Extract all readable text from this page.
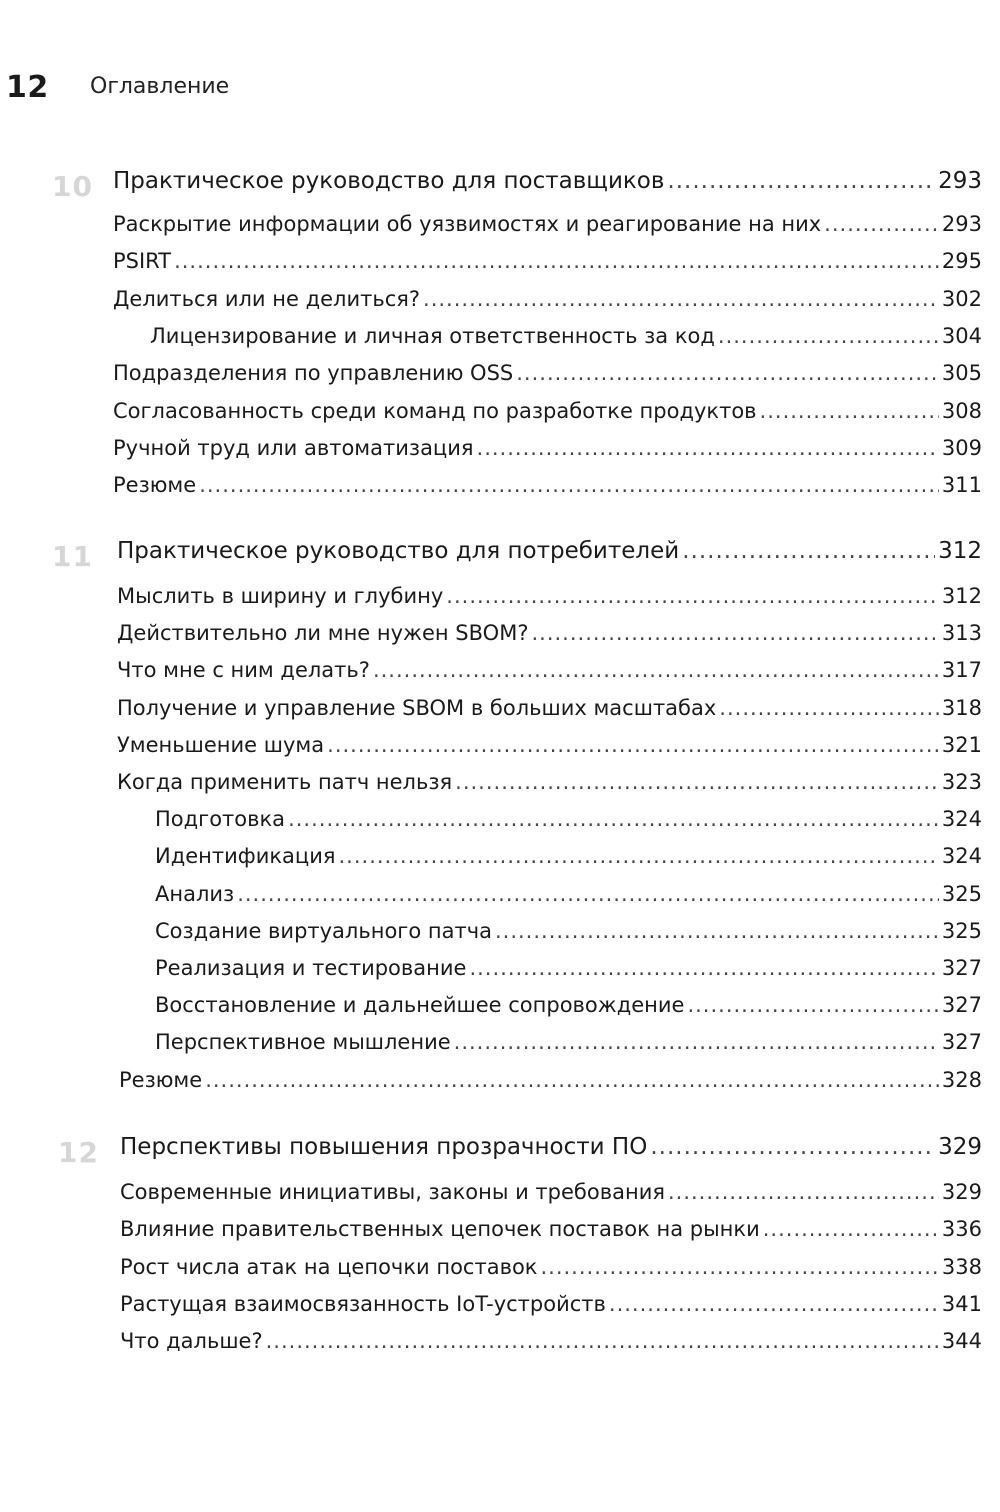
12 Оглавление
10 Практическое руководство для поставщиков .....	293
Раскрытие информации об уязвимостях и реагирование на них .....	293
PSIRT .....	295
Делиться или не делиться? .....	302
Лицензирование и личная ответственность за код .....	304
Подразделения по управлению OSS .....	305
Согласованность среди команд по разработке продуктов .....	308
Ручной труд или автоматизация .....	309
Резюме .....	311
11 Практическое руководство для потребителей .....	312
Мыслить в ширину и глубину .....	312
Действительно ли мне нужен SBOM? .....	313
Что мне с ним делать? .....	317
Получение и управление SBOM в больших масштабах .....	318
Уменьшение шума .....	321
Когда применить патч нельзя .....	323
Подготовка .....	324
Идентификация .....	324
Анализ .....	325
Создание виртуального патча .....	325
Реализация и тестирование .....	327
Восстановление и дальнейшее сопровождение .....	327
Перспективное мышление .....	327
Резюме .....	328
12 Перспективы повышения прозрачности ПО .....	329
Современные инициативы, законы и требования .....	329
Влияние правительственных цепочек поставок на рынки .....	336
Рост числа атак на цепочки поставок .....	338
Растущая взаимосвязанность IoT-устройств .....	341
Что дальше? .....	344
